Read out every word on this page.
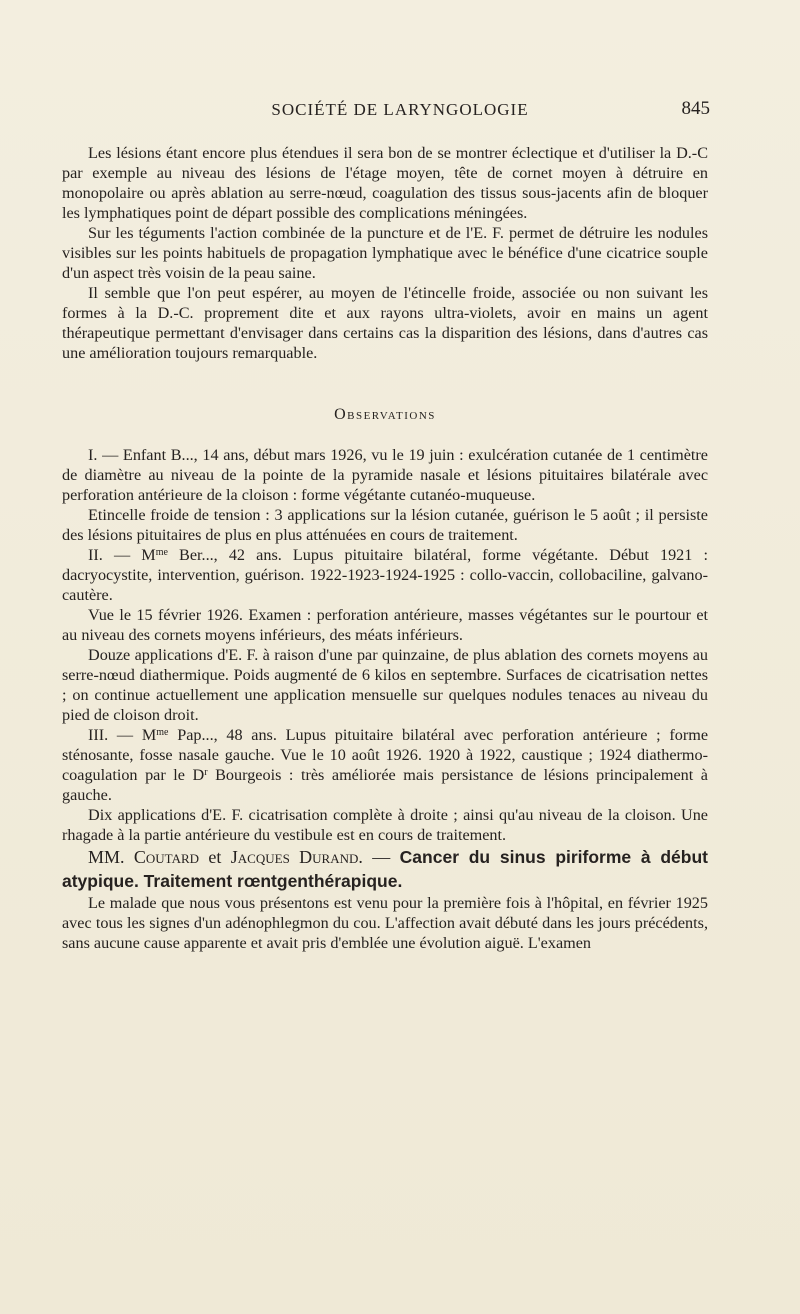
SOCIÉTÉ DE LARYNGOLOGIE	845

Les lésions étant encore plus étendues il sera bon de se montrer éclectique et d'utiliser la D.-C par exemple au niveau des lésions de l'étage moyen, tête de cornet moyen à détruire en monopolaire ou après ablation au serre-nœud, coagulation des tissus sous-jacents afin de bloquer les lymphatiques point de départ possible des complications méningées.

Sur les téguments l'action combinée de la puncture et de l'E. F. permet de détruire les nodules visibles sur les points habituels de propagation lymphatique avec le bénéfice d'une cicatrice souple d'un aspect très voisin de la peau saine.

Il semble que l'on peut espérer, au moyen de l'étincelle froide, associée ou non suivant les formes à la D.-C. proprement dite et aux rayons ultra-violets, avoir en mains un agent thérapeutique permettant d'envisager dans certains cas la disparition des lésions, dans d'autres cas une amélioration toujours remarquable.

Observations

I. — Enfant B..., 14 ans, début mars 1926, vu le 19 juin : exulcération cutanée de 1 centimètre de diamètre au niveau de la pointe de la pyramide nasale et lésions pituitaires bilatérale avec perforation antérieure de la cloison : forme végétante cutanéo-muqueuse.

Etincelle froide de tension : 3 applications sur la lésion cutanée, guérison le 5 août ; il persiste des lésions pituitaires de plus en plus atténuées en cours de traitement.

II. — $M^{me}$ Ber..., 42 ans. Lupus pituitaire bilatéral, forme végétante. Début 1921 : dacryocystite, intervention, guérison. 1922-1923-1924-1925 : collo-vaccin, collobaciline, galvano-cautère.

Vue le 15 février 1926. Examen : perforation antérieure, masses végétantes sur le pourtour et au niveau des cornets moyens inférieurs, des méats inférieurs.

Douze applications d'E. F. à raison d'une par quinzaine, de plus ablation des cornets moyens au serre-nœud diathermique. Poids augmenté de 6 kilos en septembre. Surfaces de cicatrisation nettes ; on continue actuellement une application mensuelle sur quelques nodules tenaces au niveau du pied de cloison droit.

III. — $M^{me}$ Pap..., 48 ans. Lupus pituitaire bilatéral avec perforation antérieure ; forme sténosante, fosse nasale gauche. Vue le 10 août 1926. 1920 à 1922, caustique ; 1924 diathermo-coagulation par le $D^r$ Bourgeois : très améliorée mais persistance de lésions principalement à gauche.

Dix applications d'E. F. cicatrisation complète à droite ; ainsi qu'au niveau de la cloison. Une rhagade à la partie antérieure du vestibule est en cours de traitement.

MM. Coutard et Jacques Durand. — Cancer du sinus piriforme à début atypique. Traitement rœntgenthérapique.

Le malade que nous vous présentons est venu pour la première fois à l'hôpital, en février 1925 avec tous les signes d'un adénophlegmon du cou. L'affection avait débuté dans les jours précédents, sans aucune cause apparente et avait pris d'emblée une évolution aiguë. L'examen
